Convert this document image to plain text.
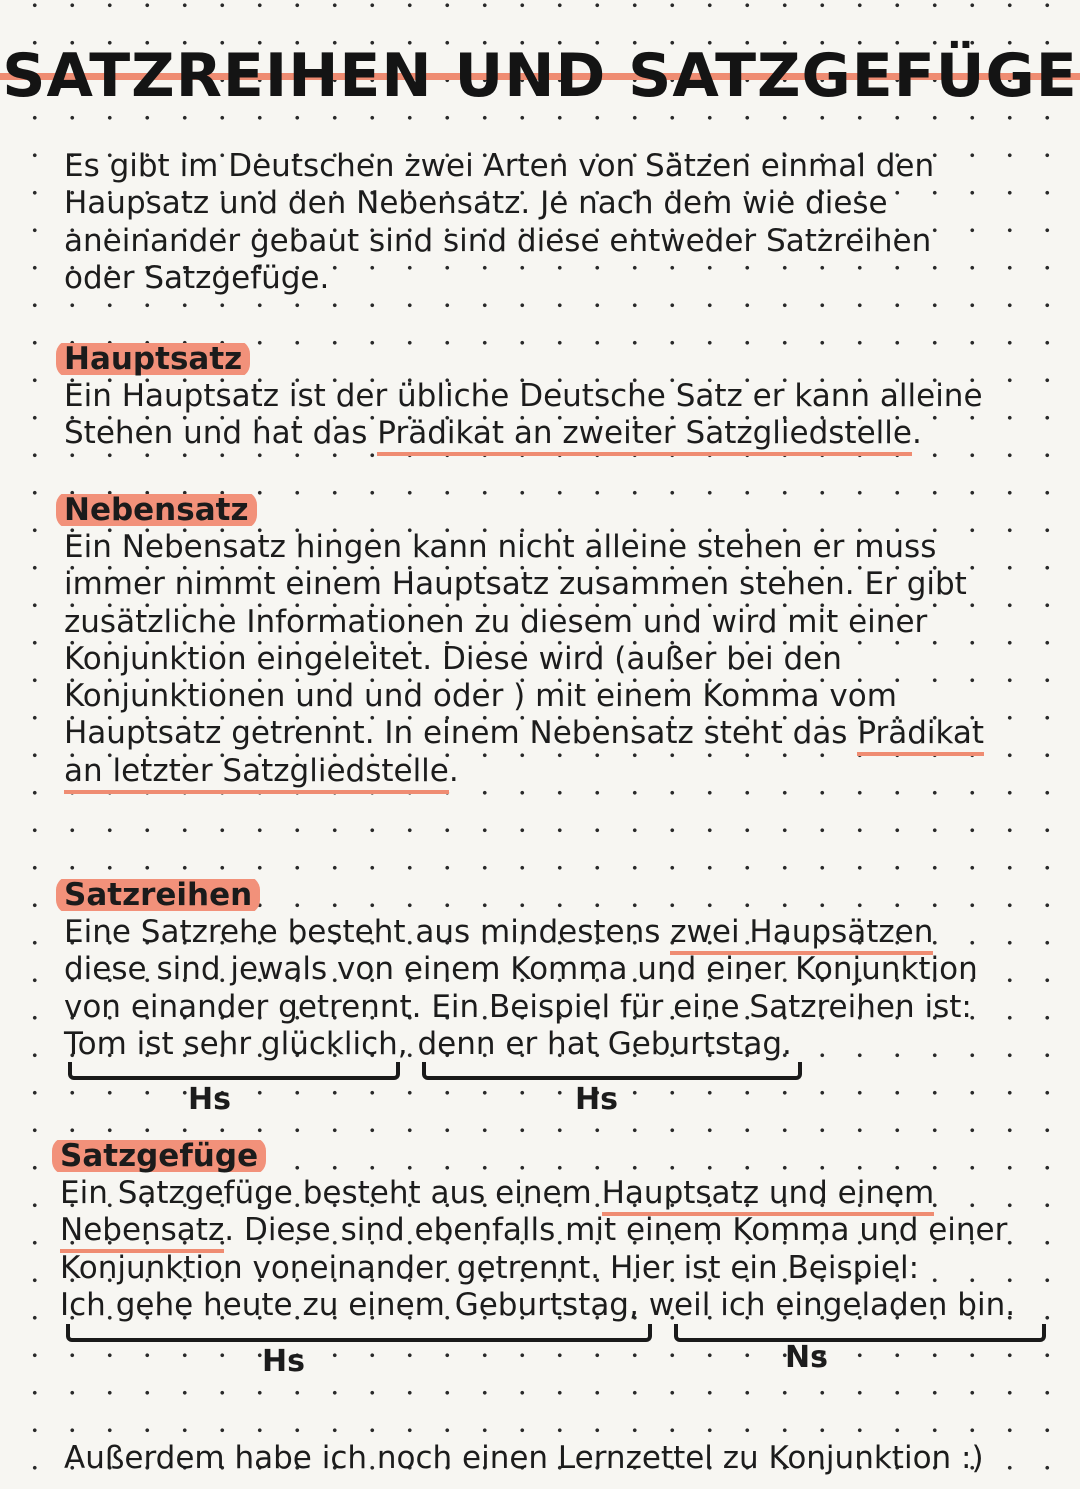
SATZREIHEN UND SATZGEFÜGE

Es gibt im Deutschen zwei Arten von Sätzen einmal den

Haupsatz und den Nebensatz. Je nach dem wie diese

aneinander gebaut sind sind diese entweder Satzreihen

oder Satzgefüge.

Hauptsatz

Ein Hauptsatz ist der übliche Deutsche Satz er kann alleine

Stehen und hat das Prädikat an zweiter Satzgliedstelle.

Nebensatz

Ein Nebensatz hingen kann nicht alleine stehen er muss

immer nimmt einem Hauptsatz zusammen stehen. Er gibt

zusätzliche Informationen zu diesem und wird mit einer

Konjunktion eingeleitet. Diese wird (außer bei den

Konjunktionen und und oder ) mit einem Komma vom

Hauptsatz getrennt. In einem Nebensatz steht das Prädikat

an letzter Satzgliedstelle.

Satzreihen

Eine Satzrehe besteht aus mindestens zwei Haupsätzen

diese sind jewals von einem Komma und einer Konjunktion

von einander getrennt. Ein Beispiel für eine Satzreihen ist:

Tom ist sehr glücklich, denn er hat Geburtstag.

Hs	Hs
Satzgefüge

Ein Satzgefüge besteht aus einem Hauptsatz und einem

Nebensatz. Diese sind ebenfalls mit einem Komma und einer

Konjunktion voneinander getrennt. Hier ist ein Beispiel:

Ich gehe heute zu einem Geburtstag, weil ich eingeladen bin.

Hs	Ns

Außerdem habe ich noch einen Lernzettel zu Konjunktion :)
